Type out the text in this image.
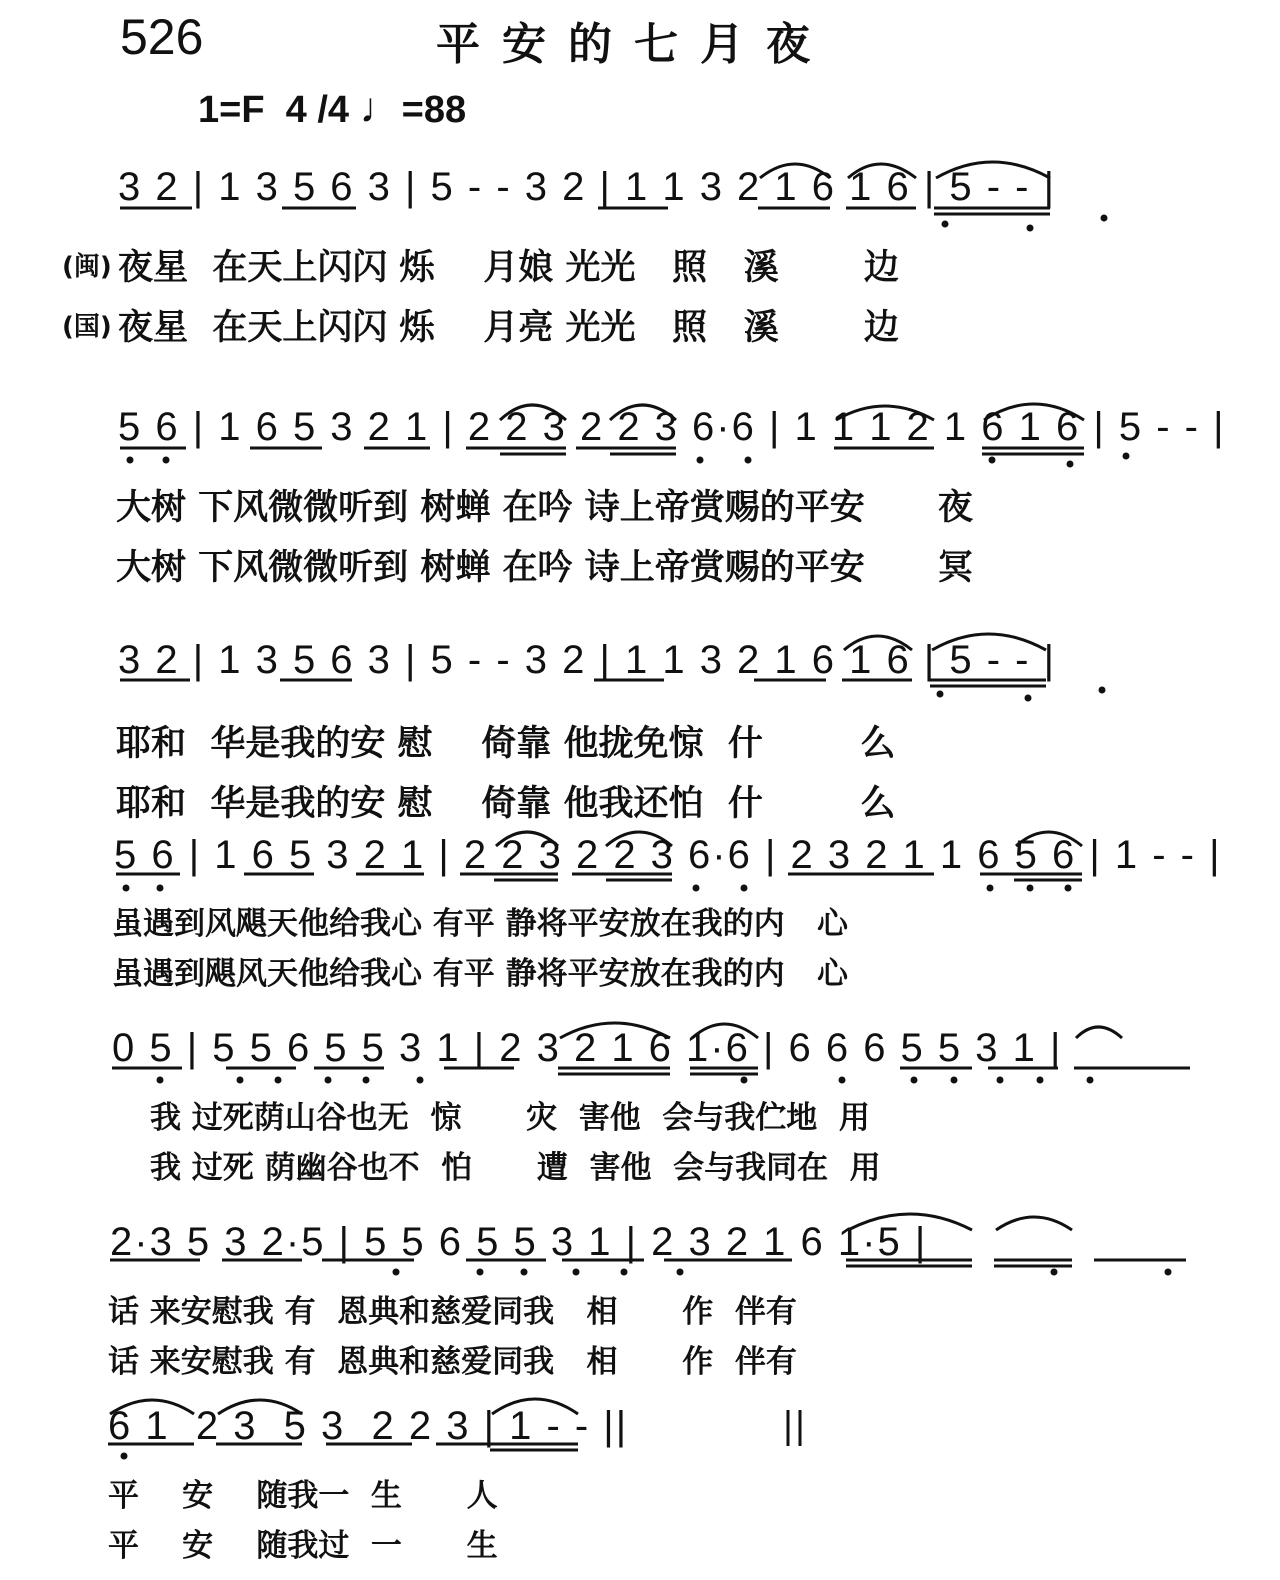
526	平安的七月夜
1=F 4 /4 ♩=88
3 2 | 1 3 5 6 3 | 5 - - 3 2 | 1 1 3 2 1 6 1 6 | 5 - - |
(闽) 夜星  在天上闪闪 烁    月娘 光光   照   溪       边
(国) 夜星  在天上闪闪 烁    月亮 光光   照   溪       边
5 6 | 1 6 5 3 2 1 | 2 2 3 2 2 3 6·6 | 1 1 1 2 1 6 1 6 | 5 - - |
大树 下风微微听到 树蝉 在吟 诗上帝赏赐的平安      夜
大树 下风微微听到 树蝉 在吟 诗上帝赏赐的平安      冥
3 2 | 1 3 5 6 3 | 5 - - 3 2 | 1 1 3 2 1 6 1 6 | 5 - - |
耶和  华是我的安 慰    倚靠 他拢免惊  什        么
耶和  华是我的安 慰    倚靠 他我还怕  什        么
5 6 | 1 6 5 3 2 1 | 2 2 3 2 2 3 6·6 | 2 3 2 1 1 6 5 6 | 1 - - |
虽遇到风飓天他给我心 有平 静将平安放在我的内   心
虽遇到飓风天他给我心 有平 静将平安放在我的内   心
0 5 | 5 5 6 5 5 3 1 | 2 3 2 1 6 1·6 | 6 6 6 5 5 3 1 |
我 过死荫山谷也无  惊      灾  害他  会与我伫地  用
我 过死 荫幽谷也不  怕      遭  害他  会与我同在  用
2·3 5 3 2·5 | 5 5 6 5 5 3 1 | 2 3 2 1 6 1·5 |
话 来安慰我 有  恩典和慈爱同我   相      作  伴有
话 来安慰我 有  恩典和慈爱同我   相      作  伴有
6 1  2 3  5 3  2 2 3 | 1 - - ||
平    安    随我一  生      人
平    安    随我过  一      生
